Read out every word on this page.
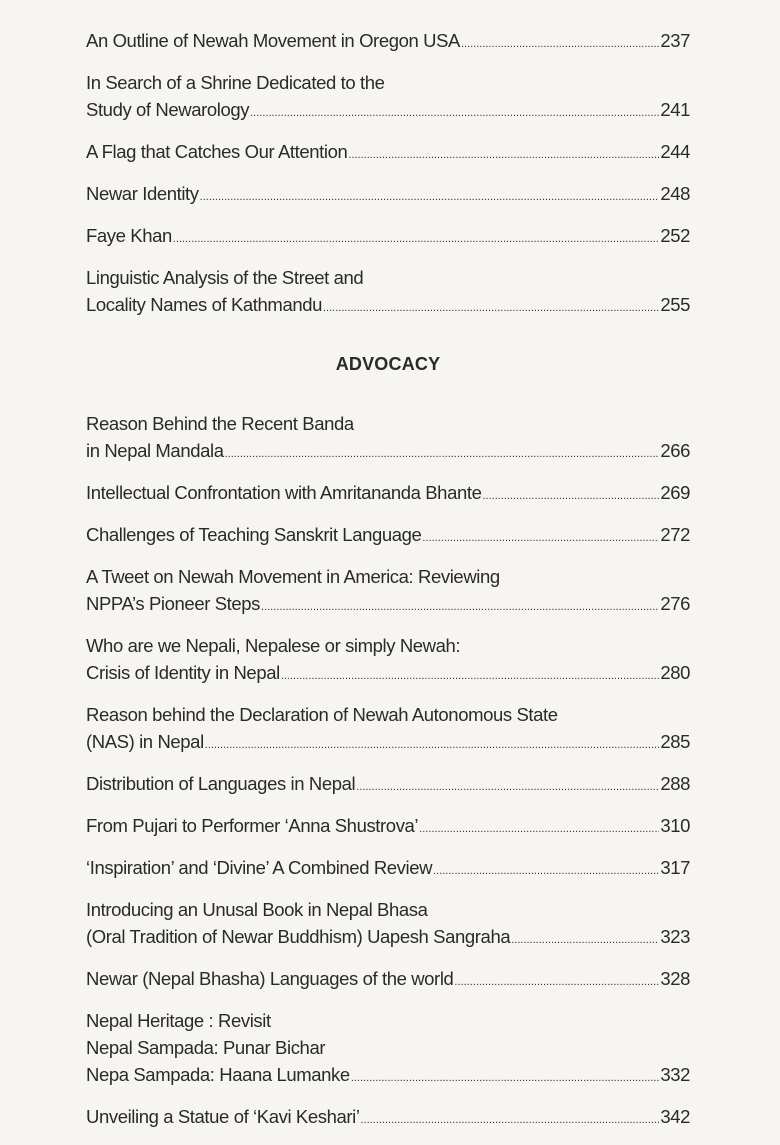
An Outline of Newah Movement in Oregon USA .....	237
In Search of a Shrine Dedicated to the
Study of Newarology .....	241
A Flag that Catches Our Attention .....	244
Newar Identity .....	248
Faye Khan .....	252
Linguistic Analysis of the Street and
Locality Names of Kathmandu .....	255
ADVOCACY
Reason Behind the Recent Banda
in Nepal Mandala .....	266
Intellectual Confrontation with Amritananda Bhante .....	269
Challenges of Teaching Sanskrit Language .....	272
A Tweet on Newah Movement in America: Reviewing
NPPA’s Pioneer Steps .....	276
Who are we Nepali, Nepalese or simply Newah:
Crisis of Identity in Nepal .....	280
Reason behind the Declaration of Newah Autonomous State
(NAS) in Nepal .....	285
Distribution of Languages in Nepal .....	288
From Pujari to Performer ‘Anna Shustrova’ .....	310
‘Inspiration’ and ‘Divine’ A Combined Review .....	317
Introducing an Unusal Book in Nepal Bhasa
(Oral Tradition of Newar Buddhism) Uapesh Sangraha .....	323
Newar (Nepal Bhasha) Languages of the world .....	328
Nepal Heritage : Revisit
Nepal Sampada: Punar Bichar
Nepa Sampada: Haana Lumanke .....	332
Unveiling a Statue of ‘Kavi Keshari’ .....	342
